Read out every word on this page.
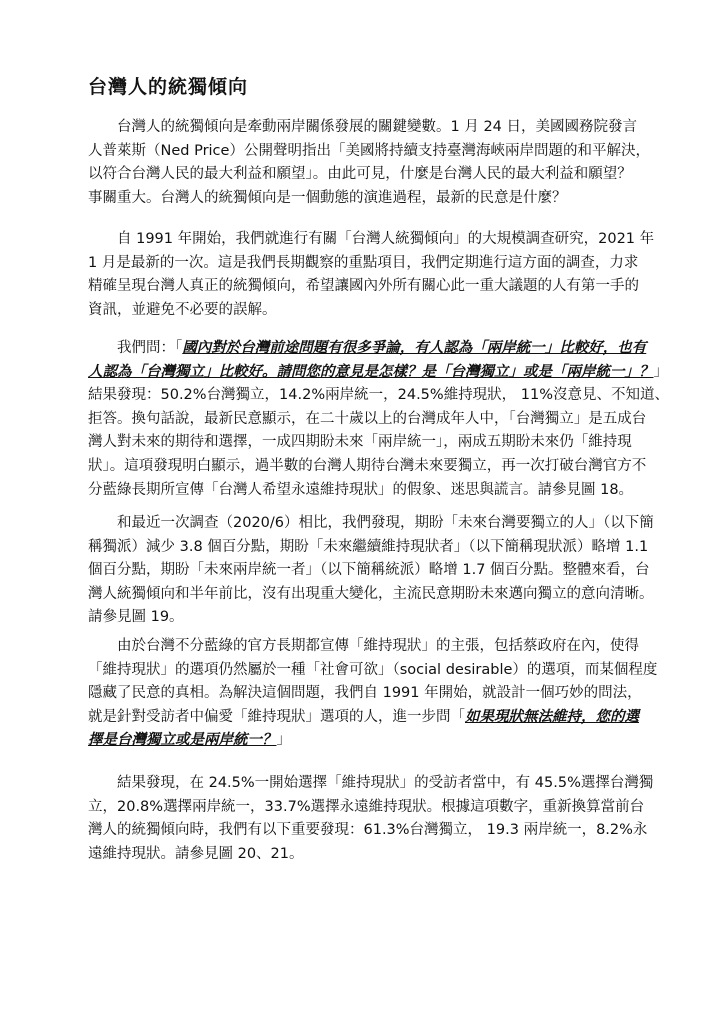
台灣人的統獨傾向
　　台灣人的統獨傾向是牽動兩岸關係發展的關鍵變數。1 月 24 日，美國國務院發言
人普萊斯（Ned Price）公開聲明指出「美國將持續支持臺灣海峽兩岸問題的和平解決，
以符合台灣人民的最大利益和願望」。由此可見，什麼是台灣人民的最大利益和願望？
事關重大。台灣人的統獨傾向是一個動態的演進過程，最新的民意是什麼？
　　自 1991 年開始，我們就進行有關「台灣人統獨傾向」的大規模調查研究，2021 年
1 月是最新的一次。這是我們長期觀察的重點項目，我們定期進行這方面的調查，力求
精確呈現台灣人真正的統獨傾向，希望讓國內外所有關心此一重大議題的人有第一手的
資訊，並避免不必要的誤解。
　　我們問：「國內對於台灣前途問題有很多爭論，有人認為「兩岸統一」比較好，也有
人認為「台灣獨立」比較好。請問您的意見是怎樣？是「台灣獨立」或是「兩岸統一」？」
結果發現：50.2%台灣獨立，14.2%兩岸統一，24.5%維持現狀， 11%沒意見、不知道、
拒答。換句話說，最新民意顯示，在二十歲以上的台灣成年人中，「台灣獨立」是五成台
灣人對未來的期待和選擇，一成四期盼未來「兩岸統一」，兩成五期盼未來仍「維持現
狀」。這項發現明白顯示，過半數的台灣人期待台灣未來要獨立，再一次打破台灣官方不
分藍綠長期所宣傳「台灣人希望永遠維持現狀」的假象、迷思與謊言。請參見圖 18。
　　和最近一次調查（2020/6）相比，我們發現，期盼「未來台灣要獨立的人」（以下簡
稱獨派）減少 3.8 個百分點，期盼「未來繼續維持現狀者」（以下簡稱現狀派）略增 1.1
個百分點，期盼「未來兩岸統一者」（以下簡稱統派）略增 1.7 個百分點。整體來看，台
灣人統獨傾向和半年前比，沒有出現重大變化，主流民意期盼未來邁向獨立的意向清晰。
請參見圖 19。
　　由於台灣不分藍綠的官方長期都宣傳「維持現狀」的主張，包括蔡政府在內，使得
「維持現狀」的選項仍然屬於一種「社會可欲」（social desirable）的選項，而某個程度
隱藏了民意的真相。為解決這個問題，我們自 1991 年開始，就設計一個巧妙的問法，
就是針對受訪者中偏愛「維持現狀」選項的人，進一步問「如果現狀無法維持，您的選
擇是台灣獨立或是兩岸統一？」
　　結果發現，在 24.5%一開始選擇「維持現狀」的受訪者當中，有 45.5%選擇台灣獨
立，20.8%選擇兩岸統一，33.7%選擇永遠維持現狀。根據這項數字，重新換算當前台
灣人的統獨傾向時，我們有以下重要發現：61.3%台灣獨立， 19.3 兩岸統一，8.2%永
遠維持現狀。請參見圖 20、21。
